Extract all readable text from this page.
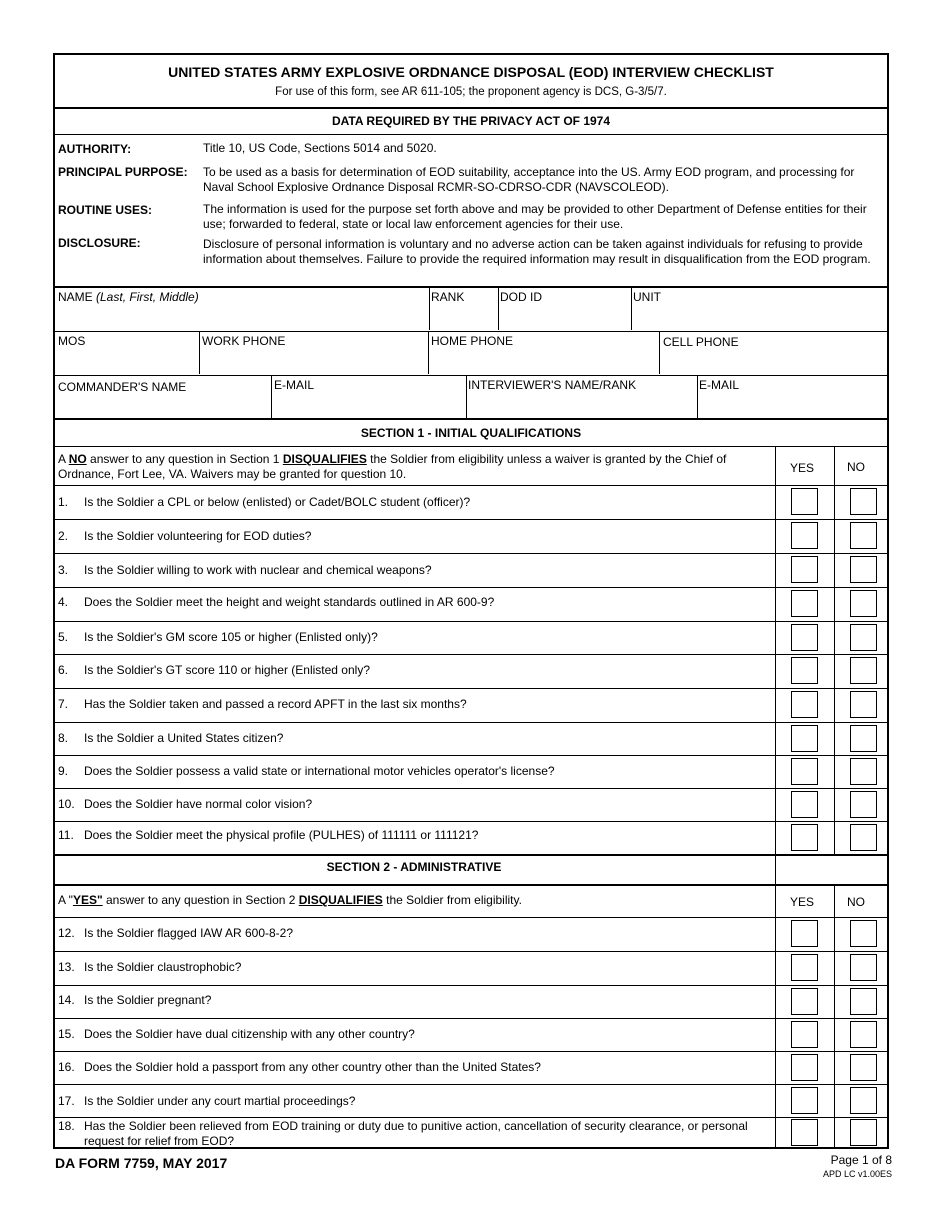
UNITED STATES ARMY EXPLOSIVE ORDNANCE DISPOSAL (EOD) INTERVIEW CHECKLIST
For use of this form, see AR 611-105; the proponent agency is DCS, G-3/5/7.
DATA REQUIRED BY THE PRIVACY ACT OF 1974
AUTHORITY:	Title 10, US Code, Sections 5014 and 5020.
PRINCIPAL PURPOSE: To be used as a basis for determination of EOD suitability, acceptance into the US. Army EOD program, and processing for Naval School Explosive Ordnance Disposal RCMR-SO-CDRSO-CDR (NAVSCOLEOD).
ROUTINE USES:	The information is used for the purpose set forth above and may be provided to other Department of Defense entities for their use; forwarded to federal, state or local law enforcement agencies for their use.
DISCLOSURE:	Disclosure of personal information is voluntary and no adverse action can be taken against individuals for refusing to provide information about themselves. Failure to provide the required information may result in disqualification from the EOD program.
NAME (Last, First, Middle)	RANK	DOD ID	UNIT
MOS	WORK PHONE	HOME PHONE	CELL PHONE
COMMANDER'S NAME	E-MAIL	INTERVIEWER'S NAME/RANK	E-MAIL
SECTION 1 - INITIAL QUALIFICATIONS
A NO answer to any question in Section 1 DISQUALIFIES the Soldier from eligibility unless a waiver is granted by the Chief of Ordnance, Fort Lee, VA. Waivers may be granted for question 10.	YES	NO
1. Is the Soldier a CPL or below (enlisted) or Cadet/BOLC student (officer)?
2. Is the Soldier volunteering for EOD duties?
3. Is the Soldier willing to work with nuclear and chemical weapons?
4. Does the Soldier meet the height and weight standards outlined in AR 600-9?
5. Is the Soldier's GM score 105 or higher (Enlisted only)?
6. Is the Soldier's GT score 110 or higher (Enlisted only?
7. Has the Soldier taken and passed a record APFT in the last six months?
8. Is the Soldier a United States citizen?
9. Does the Soldier possess a valid state or international motor vehicles operator's license?
10. Does the Soldier have normal color vision?
11. Does the Soldier meet the physical profile (PULHES) of 111111 or 111121?
SECTION 2 - ADMINISTRATIVE
A "YES" answer to any question in Section 2 DISQUALIFIES the Soldier from eligibility.	YES	NO
12. Is the Soldier flagged IAW AR 600-8-2?
13. Is the Soldier claustrophobic?
14. Is the Soldier pregnant?
15. Does the Soldier have dual citizenship with any other country?
16. Does the Soldier hold a passport from any other country other than the United States?
17. Is the Soldier under any court martial proceedings?
18. Has the Soldier been relieved from EOD training or duty due to punitive action, cancellation of security clearance, or personal request for relief from EOD?
DA FORM 7759, MAY 2017	Page 1 of 8
APD LC v1.00ES
